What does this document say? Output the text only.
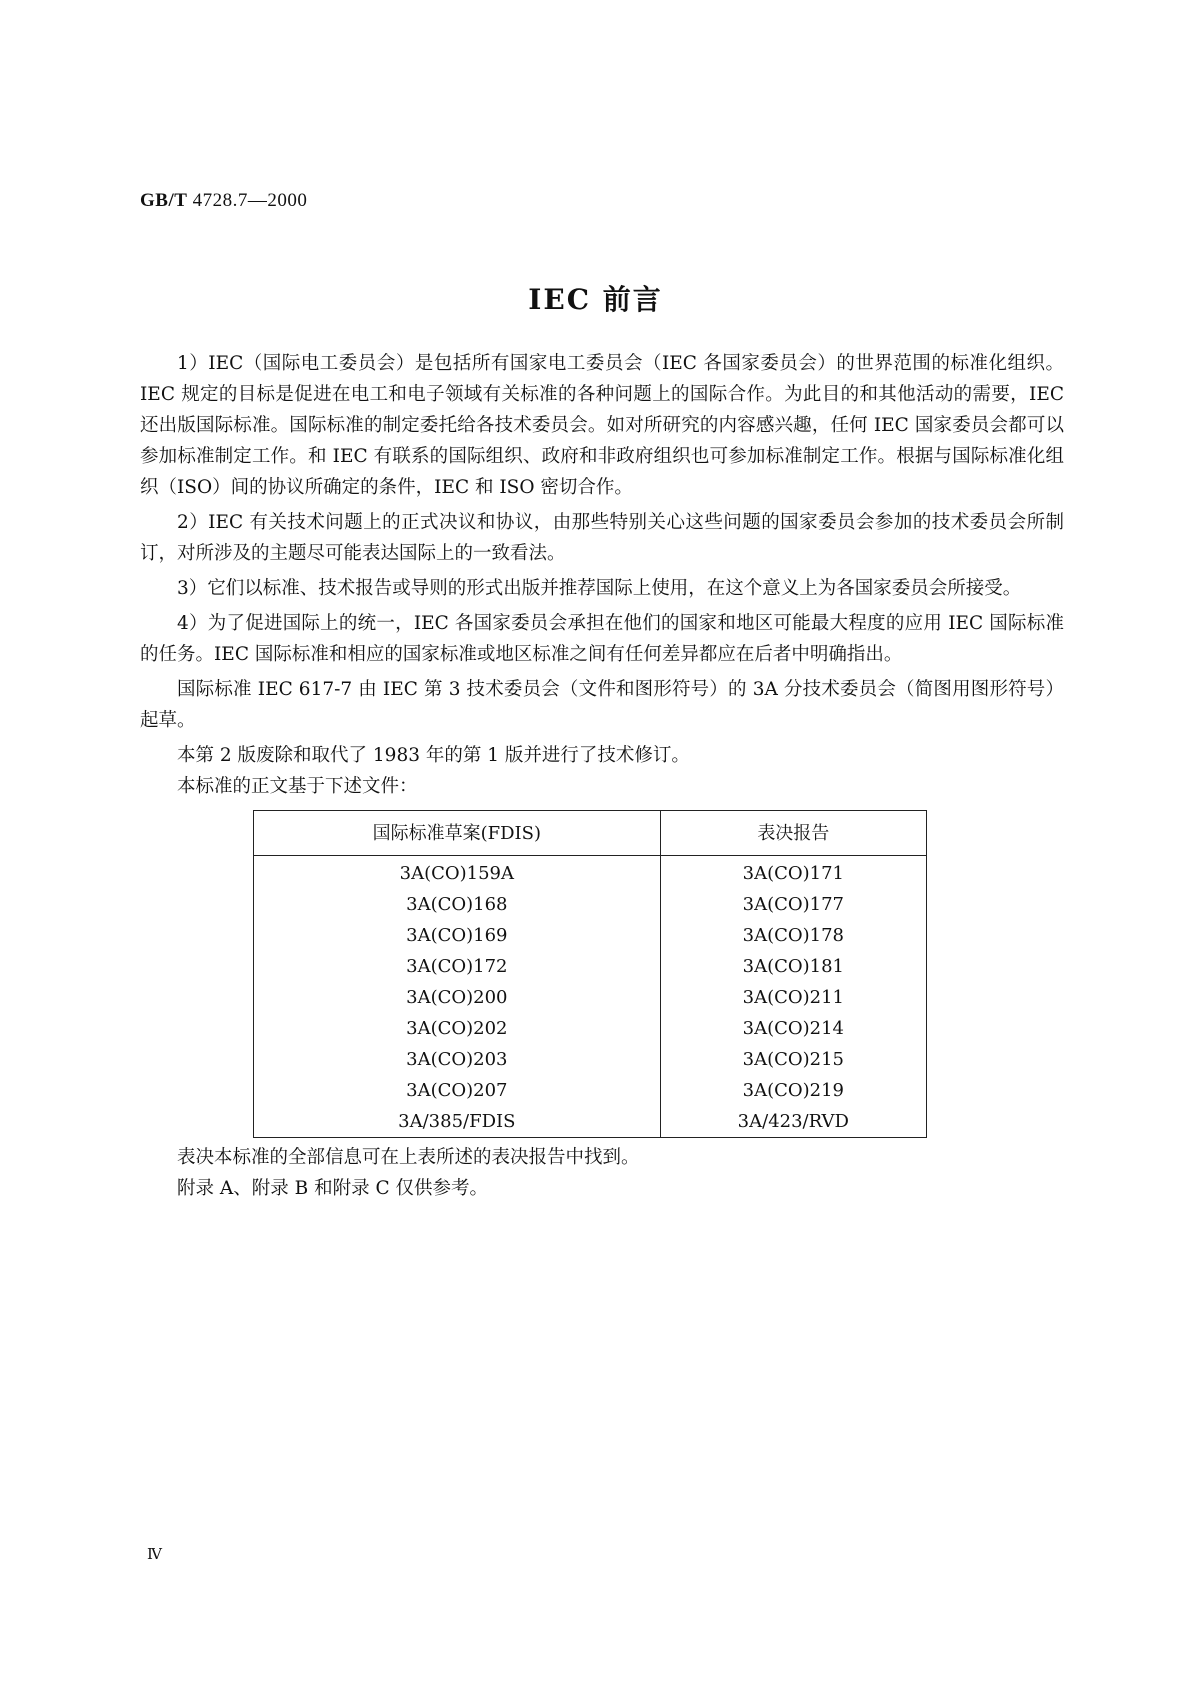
GB/T 4728.7—2000
IEC 前言

1）IEC（国际电工委员会）是包括所有国家电工委员会（IEC 各国家委员会）的世界范围的标准化组织。IEC 规定的目标是促进在电工和电子领域有关标准的各种问题上的国际合作。为此目的和其他活动的需要，IEC 还出版国际标准。国际标准的制定委托给各技术委员会。如对所研究的内容感兴趣，任何 IEC 国家委员会都可以参加标准制定工作。和 IEC 有联系的国际组织、政府和非政府组织也可参加标准制定工作。根据与国际标准化组织（ISO）间的协议所确定的条件，IEC 和 ISO 密切合作。

2）IEC 有关技术问题上的正式决议和协议，由那些特别关心这些问题的国家委员会参加的技术委员会所制订，对所涉及的主题尽可能表达国际上的一致看法。

3）它们以标准、技术报告或导则的形式出版并推荐国际上使用，在这个意义上为各国家委员会所接受。

4）为了促进国际上的统一，IEC 各国家委员会承担在他们的国家和地区可能最大程度的应用 IEC 国际标准的任务。IEC 国际标准和相应的国家标准或地区标准之间有任何差异都应在后者中明确指出。

国际标准 IEC 617-7 由 IEC 第 3 技术委员会（文件和图形符号）的 3A 分技术委员会（简图用图形符号）起草。

本第 2 版废除和取代了 1983 年的第 1 版并进行了技术修订。

本标准的正文基于下述文件：

国际标准草案(FDIS)	表决报告
3A(CO)159A	3A(CO)171
3A(CO)168	3A(CO)177
3A(CO)169	3A(CO)178
3A(CO)172	3A(CO)181
3A(CO)200	3A(CO)211
3A(CO)202	3A(CO)214
3A(CO)203	3A(CO)215
3A(CO)207	3A(CO)219
3A/385/FDIS	3A/423/RVD

表决本标准的全部信息可在上表所述的表决报告中找到。

附录 A、附录 B 和附录 C 仅供参考。

Ⅳ
